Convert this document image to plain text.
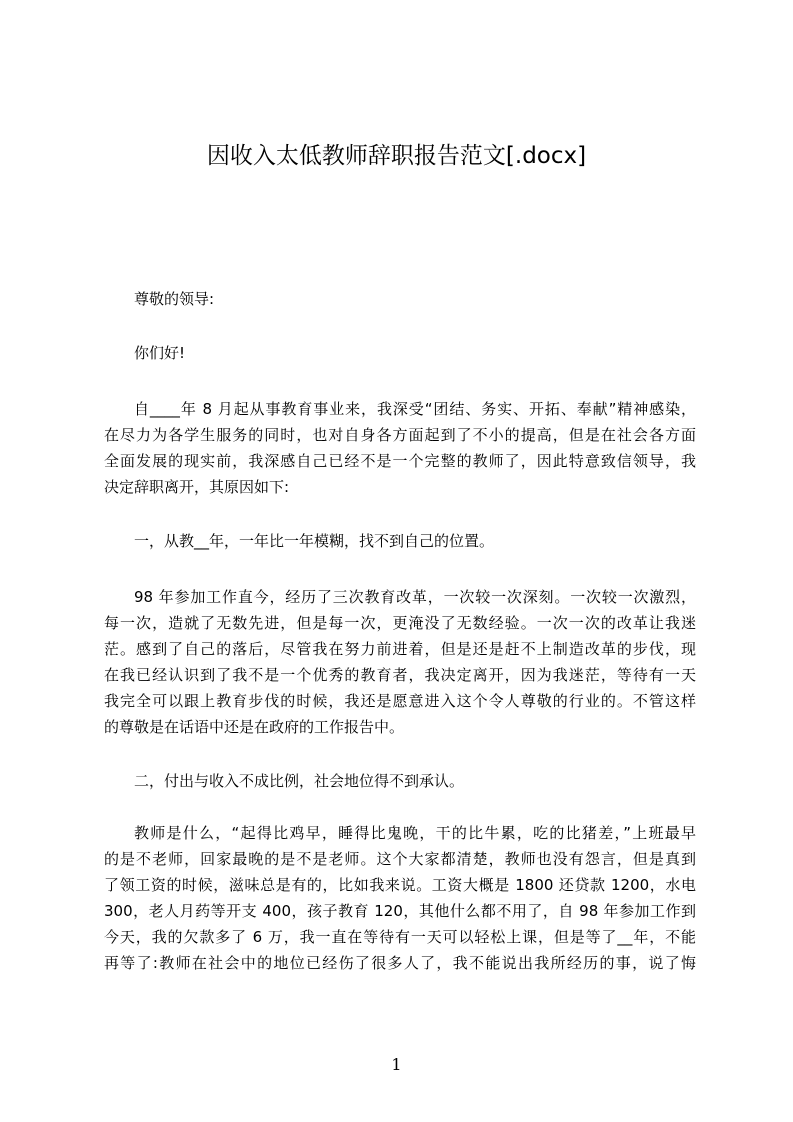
因收入太低教师辞职报告范文[.docx]
尊敬的领导:
你们好!
自____年 8 月起从事教育事业来，我深受“团结、务实、开拓、奉献”精神感染，
在尽力为各学生服务的同时，也对自身各方面起到了不小的提高，但是在社会各方面
全面发展的现实前，我深感自己已经不是一个完整的教师了，因此特意致信领导，我
决定辞职离开，其原因如下:
一，从教__年，一年比一年模糊，找不到自己的位置。
98 年参加工作直今，经历了三次教育改革，一次较一次深刻。一次较一次激烈，
每一次，造就了无数先进，但是每一次，更淹没了无数经验。一次一次的改革让我迷
茫。感到了自己的落后，尽管我在努力前进着，但是还是赶不上制造改革的步伐，现
在我已经认识到了我不是一个优秀的教育者，我决定离开，因为我迷茫，等待有一天
我完全可以跟上教育步伐的时候，我还是愿意进入这个令人尊敬的行业的。不管这样
的尊敬是在话语中还是在政府的工作报告中。
二，付出与收入不成比例，社会地位得不到承认。
教师是什么，“起得比鸡早，睡得比鬼晚，干的比牛累，吃的比猪差，”上班最早
的是不老师，回家最晚的是不是老师。这个大家都清楚，教师也没有怨言，但是真到
了领工资的时候，滋味总是有的，比如我来说。工资大概是 1800 还贷款 1200，水电
300，老人月药等开支 400，孩子教育 120，其他什么都不用了，自 98 年参加工作到
今天，我的欠款多了 6 万，我一直在等待有一天可以轻松上课，但是等了__年，不能
再等了:教师在社会中的地位已经伤了很多人了，我不能说出我所经历的事，说了悔
1
